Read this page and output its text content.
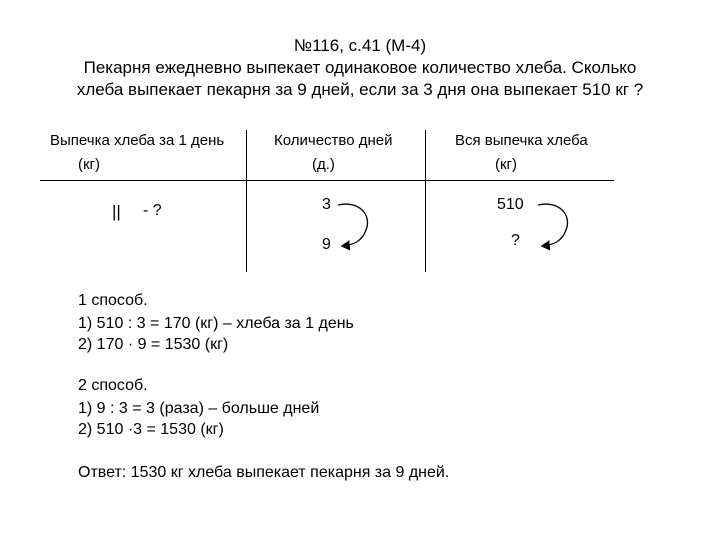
№116, с.41 (М-4)
Пекарня ежедневно выпекает одинаковое количество хлеба. Сколько
хлеба выпекает пекарня за 9 дней, если за 3 дня она выпекает 510 кг ?
Выпечка хлеба за 1 день
(кг)
Количество дней
(д.)
Вся выпечка хлеба
(кг)
|| - ?	3
9
510
?
1 способ.
1) 510 : 3 = 170 (кг) – хлеба за 1 день
2) 170 · 9 = 1530 (кг)
2 способ.
1) 9 : 3 = 3 (раза) – больше дней
2) 510 ·3 = 1530 (кг)
Ответ: 1530 кг хлеба выпекает пекарня за 9 дней.
